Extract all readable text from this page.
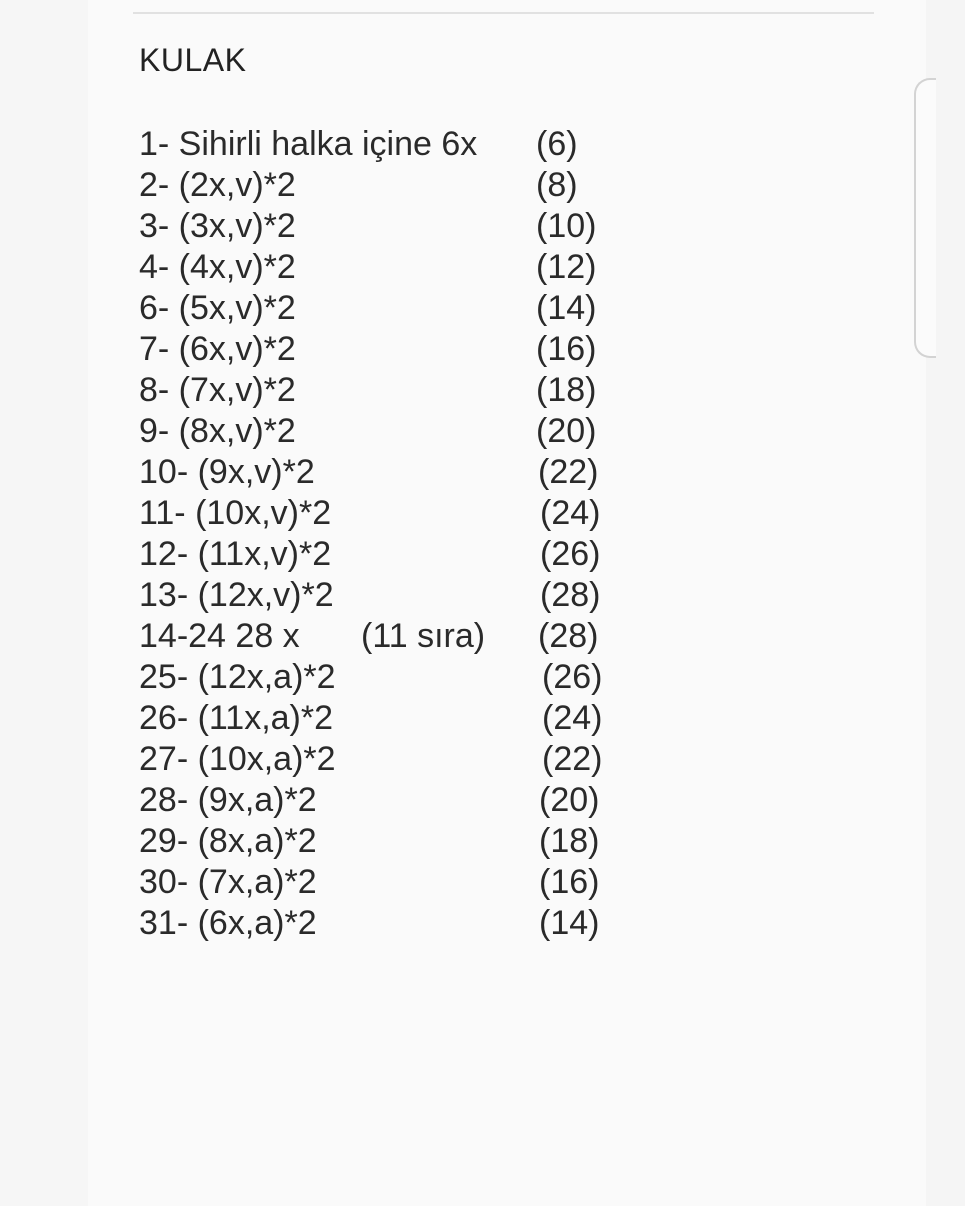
KULAK
1- Sihirli halka içine 6x (6)
2- (2x,v)*2	(8)
3- (3x,v)*2	(10)
4- (4x,v)*2	(12)
6- (5x,v)*2	(14)
7- (6x,v)*2	(16)
8- (7x,v)*2	(18)
9- (8x,v)*2	(20)
10- (9x,v)*2	(22)
11- (10x,v)*2	(24)
12- (11x,v)*2	(26)
13- (12x,v)*2	(28)
14-24 28 x (11 sıra) (28)
25- (12x,a)*2	(26)
26- (11x,a)*2	(24)
27- (10x,a)*2	(22)
28- (9x,a)*2	(20)
29- (8x,a)*2	(18)
30- (7x,a)*2	(16)
31- (6x,a)*2	(14)
